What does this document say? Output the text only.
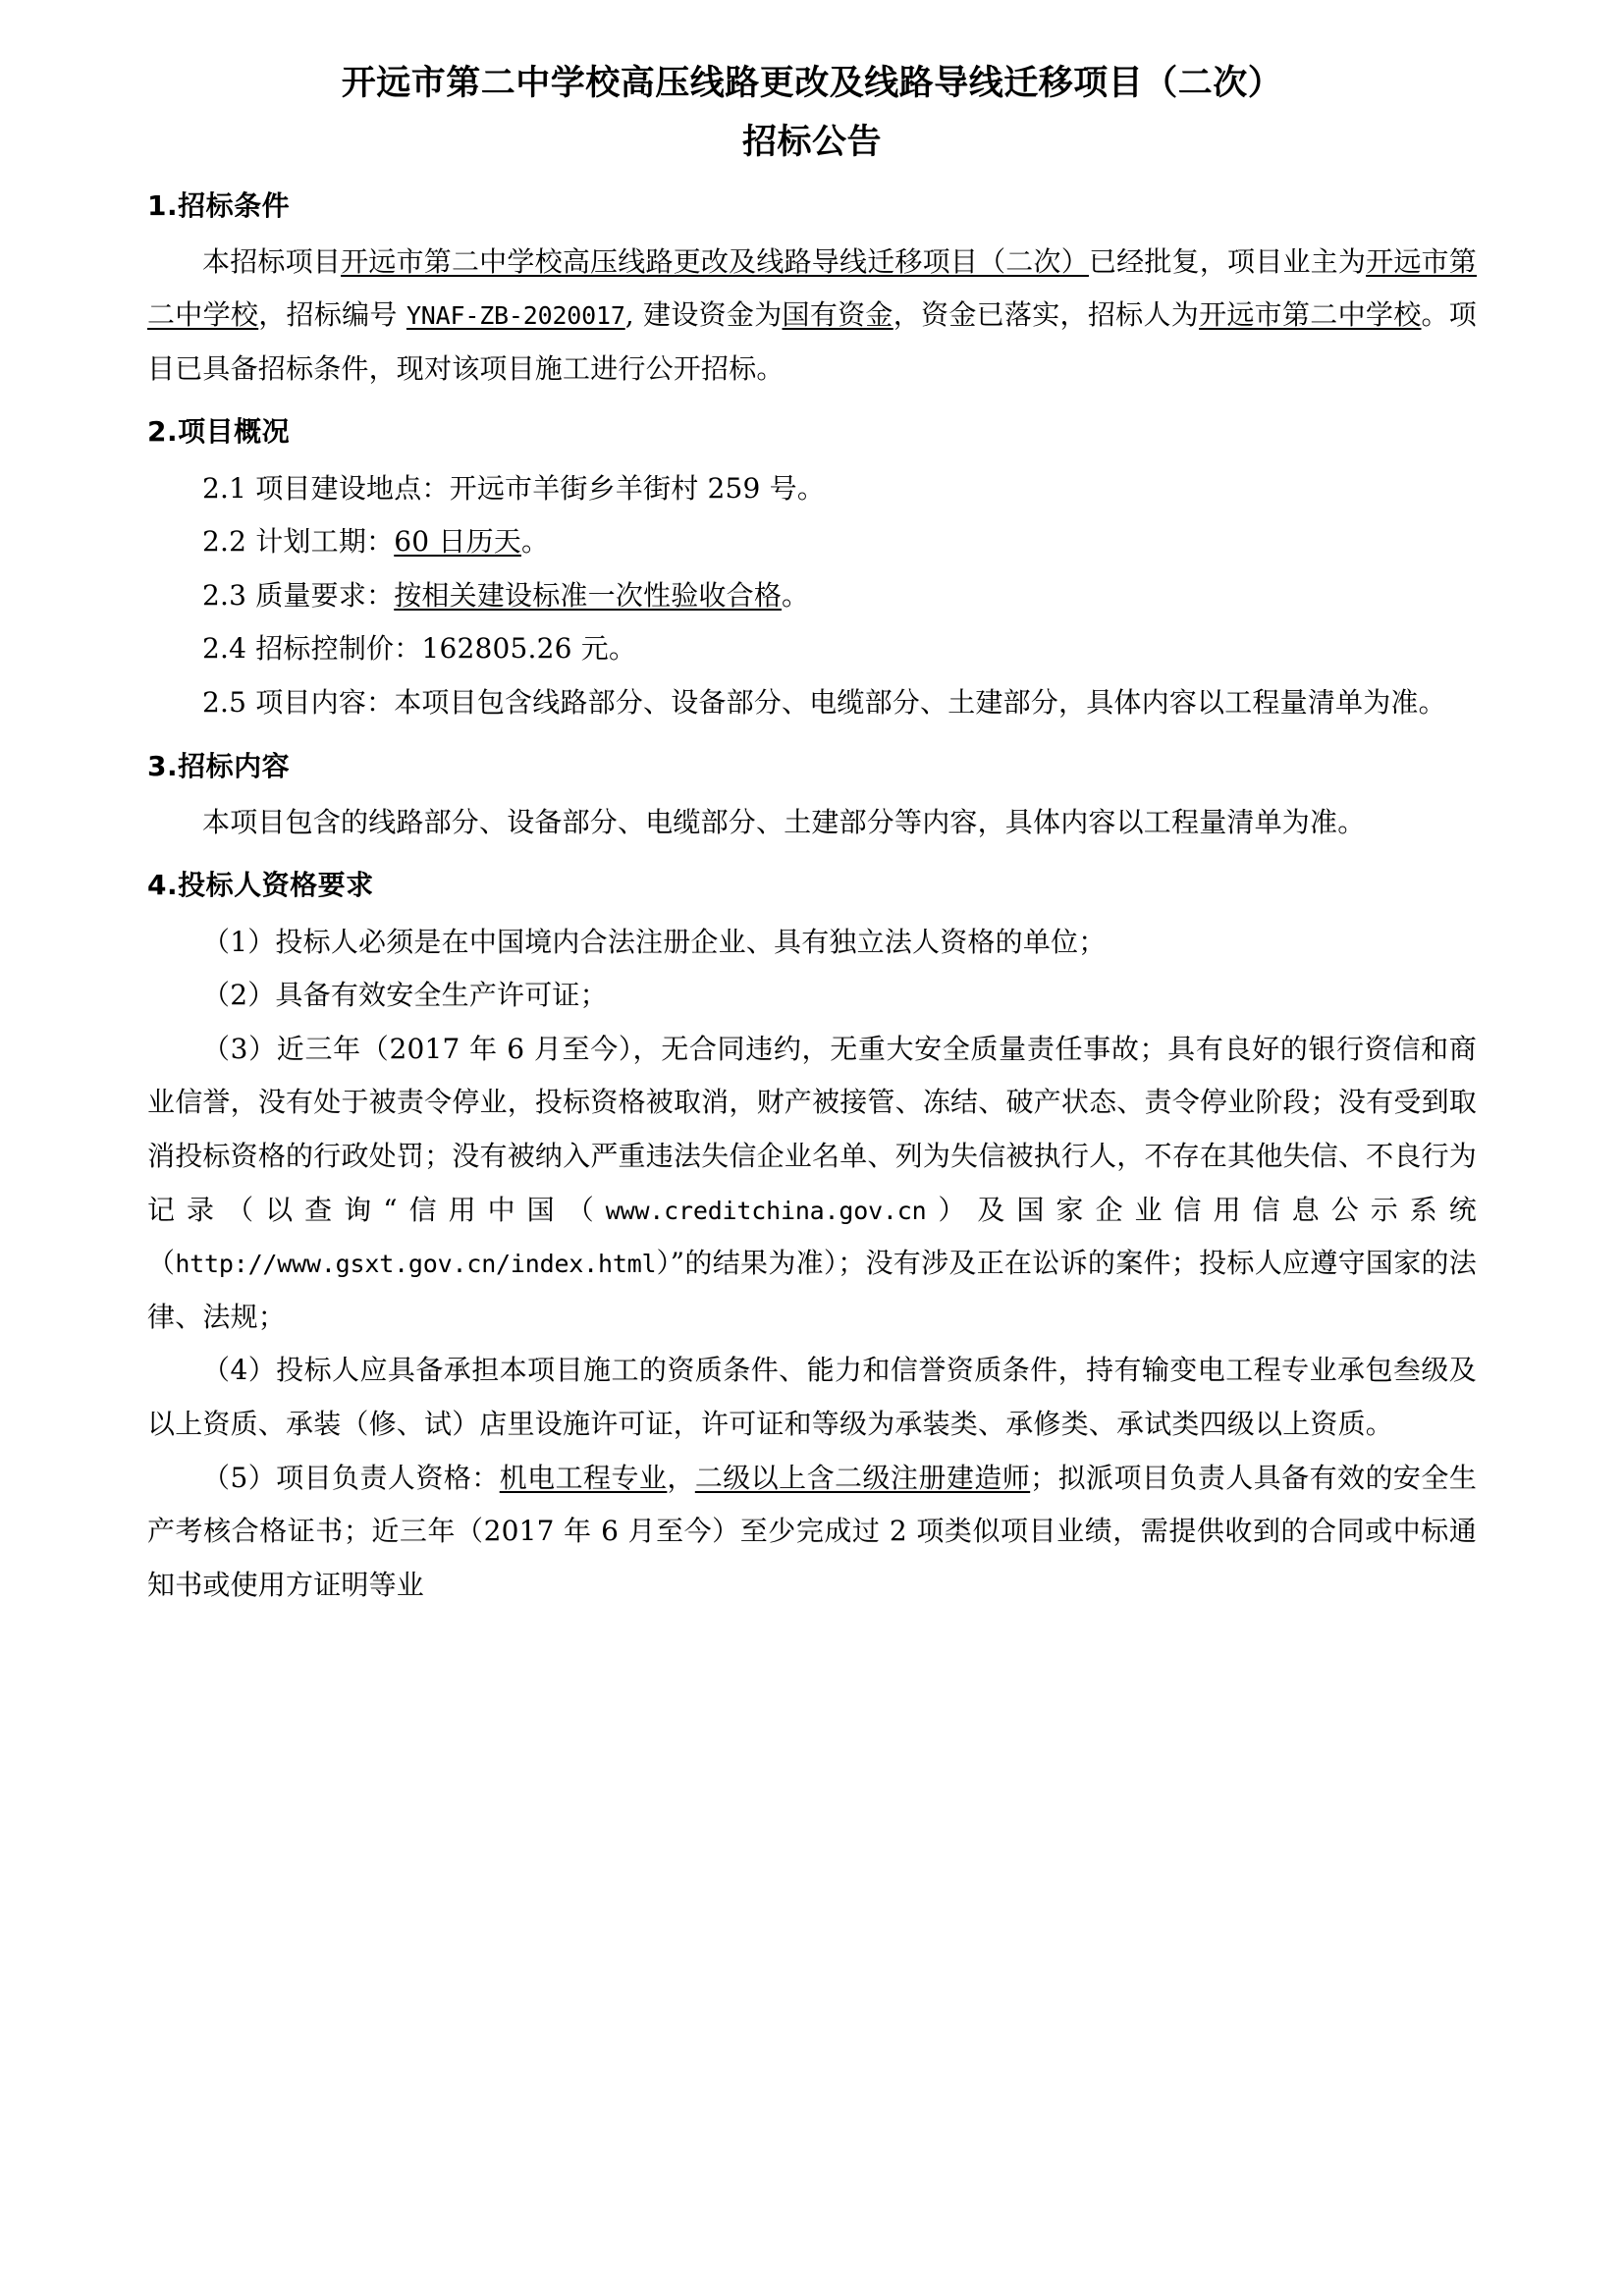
开远市第二中学校高压线路更改及线路导线迁移项目（二次）
招标公告
1.招标条件

本招标项目开远市第二中学校高压线路更改及线路导线迁移项目（二次）已经批复，项目业主为开远市第二中学校，招标编号 YNAF-ZB-2020017, 建设资金为国有资金，资金已落实，招标人为开远市第二中学校。项目已具备招标条件，现对该项目施工进行公开招标。

2.项目概况

2.1 项目建设地点：开远市羊街乡羊街村 259 号。

2.2 计划工期：60 日历天。

2.3 质量要求：按相关建设标准一次性验收合格。

2.4 招标控制价：162805.26 元。

2.5 项目内容：本项目包含线路部分、设备部分、电缆部分、土建部分，具体内容以工程量清单为准。

3.招标内容

本项目包含的线路部分、设备部分、电缆部分、土建部分等内容，具体内容以工程量清单为准。

4.投标人资格要求

（1）投标人必须是在中国境内合法注册企业、具有独立法人资格的单位；

（2）具备有效安全生产许可证；

（3）近三年（2017 年 6 月至今），无合同违约，无重大安全质量责任事故；具有良好的银行资信和商业信誉，没有处于被责令停业，投标资格被取消，财产被接管、冻结、破产状态、责令停业阶段；没有受到取消投标资格的行政处罚；没有被纳入严重违法失信企业名单、列为失信被执行人，不存在其他失信、不良行为记录（以查询“信用中国（www.creditchina.gov.cn）及国家企业信用信息公示系统（http://www.gsxt.gov.cn/index.html）”的结果为准）；没有涉及正在讼诉的案件；投标人应遵守国家的法律、法规；

（4）投标人应具备承担本项目施工的资质条件、能力和信誉资质条件，持有输变电工程专业承包叁级及以上资质、承装（修、试）店里设施许可证，许可证和等级为承装类、承修类、承试类四级以上资质。

（5）项目负责人资格：机电工程专业，二级以上含二级注册建造师；拟派项目负责人具备有效的安全生产考核合格证书；近三年（2017 年 6 月至今）至少完成过 2 项类似项目业绩，需提供收到的合同或中标通知书或使用方证明等业
